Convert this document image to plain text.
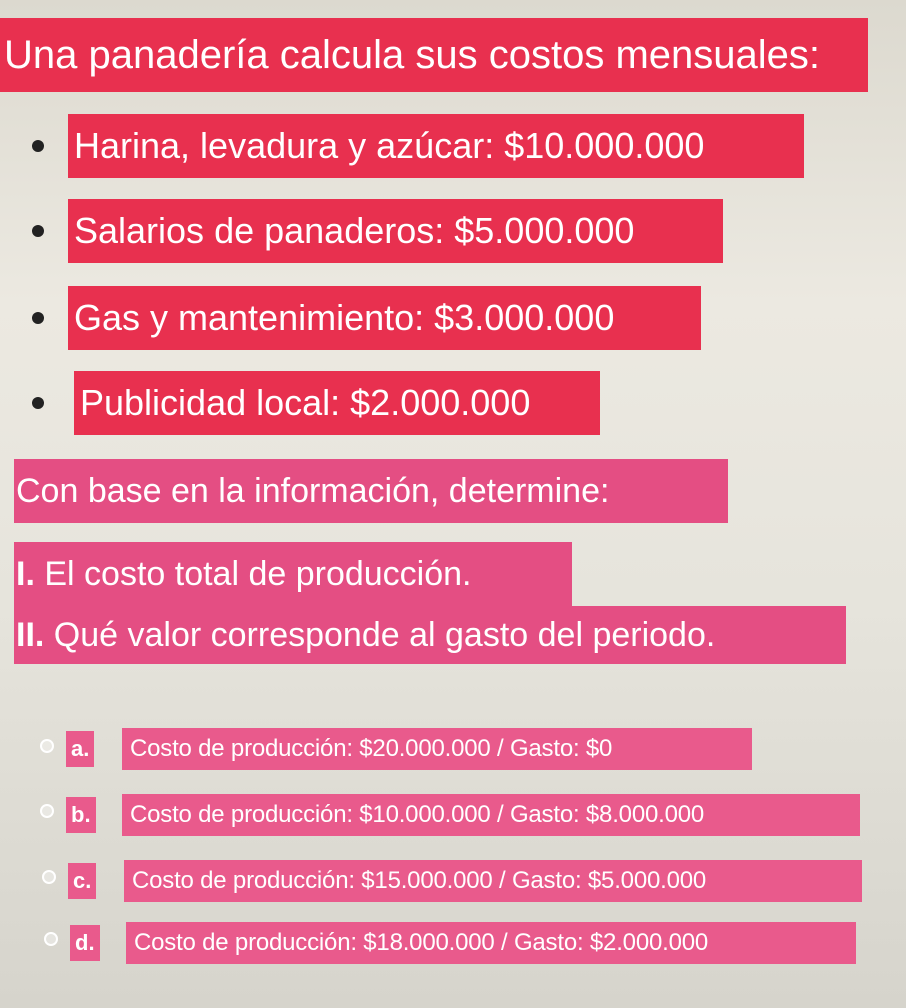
Una panadería calcula sus costos mensuales:
Harina, levadura y azúcar: $10.000.000
Salarios de panaderos: $5.000.000
Gas y mantenimiento: $3.000.000
Publicidad local: $2.000.000
Con base en la información, determine:
I. El costo total de producción.
II. Qué valor corresponde al gasto del periodo.
a.	Costo de producción: $20.000.000 / Gasto: $0
b.	Costo de producción: $10.000.000 / Gasto: $8.000.000
c.	Costo de producción: $15.000.000 / Gasto: $5.000.000
d.	Costo de producción: $18.000.000 / Gasto: $2.000.000
